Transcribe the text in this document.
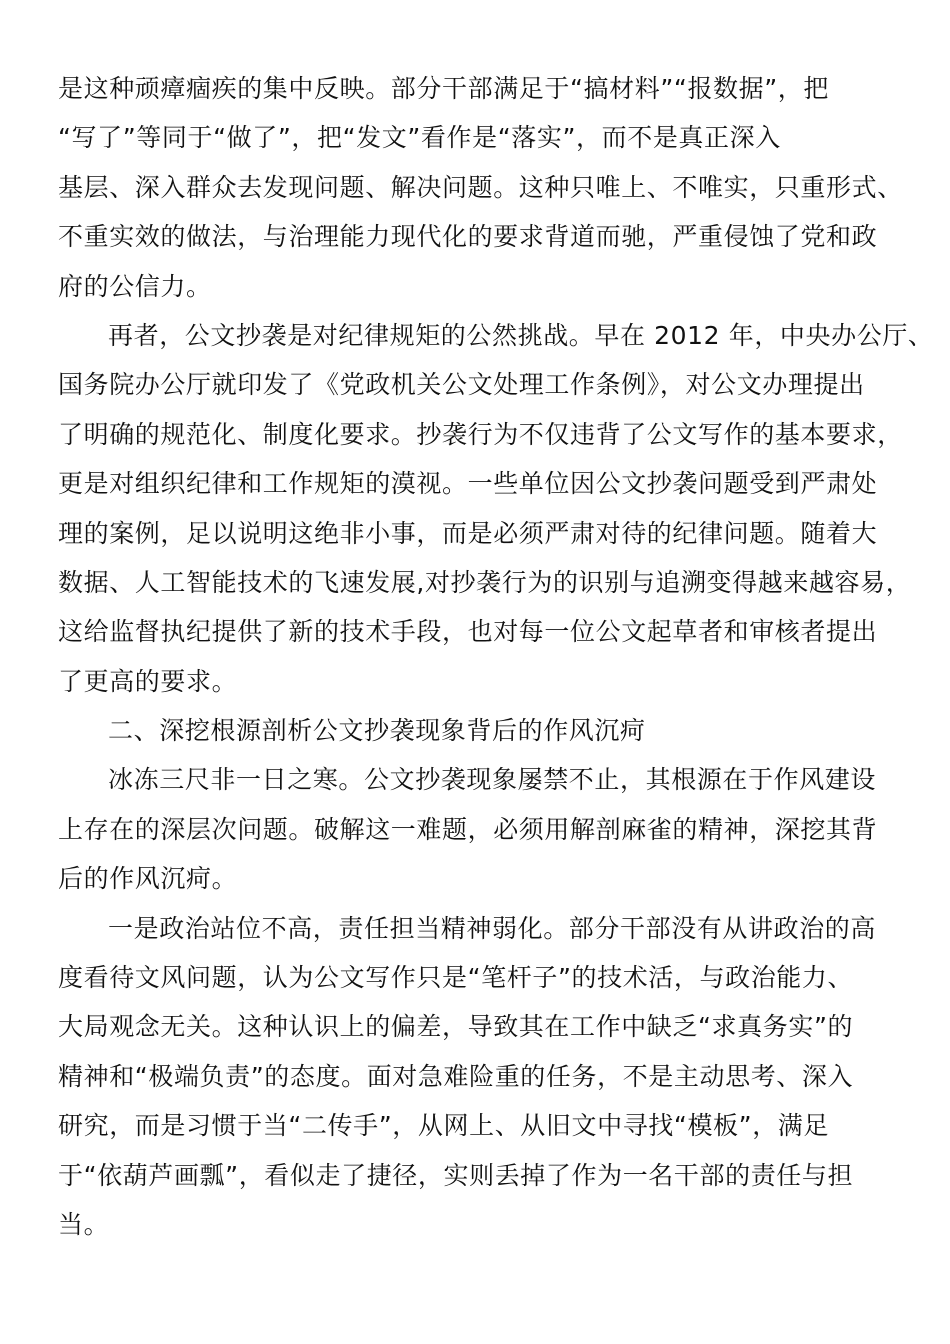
是这种顽瘴痼疾的集中反映。部分干部满足于“搞材料”“报数据”，把
“写了”等同于“做了”，把“发文”看作是“落实”，而不是真正深入
基层、深入群众去发现问题、解决问题。这种只唯上、不唯实，只重形式、
不重实效的做法，与治理能力现代化的要求背道而驰，严重侵蚀了党和政
府的公信力。
再者，公文抄袭是对纪律规矩的公然挑战。早在 2012 年，中央办公厅、
国务院办公厅就印发了《党政机关公文处理工作条例》，对公文办理提出
了明确的规范化、制度化要求。抄袭行为不仅违背了公文写作的基本要求，
更是对组织纪律和工作规矩的漠视。一些单位因公文抄袭问题受到严肃处
理的案例，足以说明这绝非小事，而是必须严肃对待的纪律问题。随着大
数据、人工智能技术的飞速发展,对抄袭行为的识别与追溯变得越来越容易，
这给监督执纪提供了新的技术手段，也对每一位公文起草者和审核者提出
了更高的要求。
二、深挖根源剖析公文抄袭现象背后的作风沉疴
冰冻三尺非一日之寒。公文抄袭现象屡禁不止，其根源在于作风建设
上存在的深层次问题。破解这一难题，必须用解剖麻雀的精神，深挖其背
后的作风沉疴。
一是政治站位不高，责任担当精神弱化。部分干部没有从讲政治的高
度看待文风问题，认为公文写作只是“笔杆子”的技术活，与政治能力、
大局观念无关。这种认识上的偏差，导致其在工作中缺乏“求真务实”的
精神和“极端负责”的态度。面对急难险重的任务，不是主动思考、深入
研究，而是习惯于当“二传手”，从网上、从旧文中寻找“模板”，满足
于“依葫芦画瓢”，看似走了捷径，实则丢掉了作为一名干部的责任与担
当。
